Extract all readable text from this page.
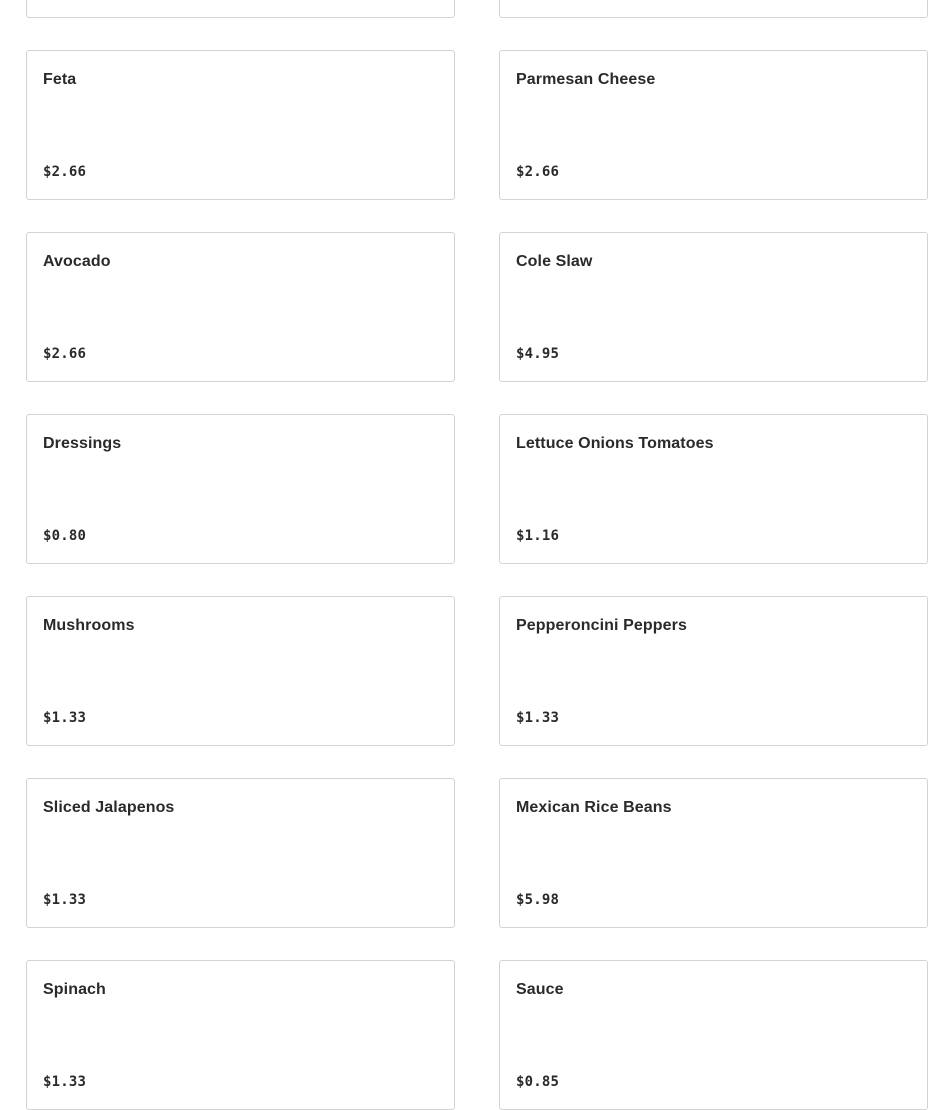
Feta
$2.66
Parmesan Cheese
$2.66
Avocado
$2.66
Cole Slaw
$4.95
Dressings
$0.80
Lettuce Onions Tomatoes
$1.16
Mushrooms
$1.33
Pepperoncini Peppers
$1.33
Sliced Jalapenos
$1.33
Mexican Rice Beans
$5.98
Spinach
$1.33
Sauce
$0.85
